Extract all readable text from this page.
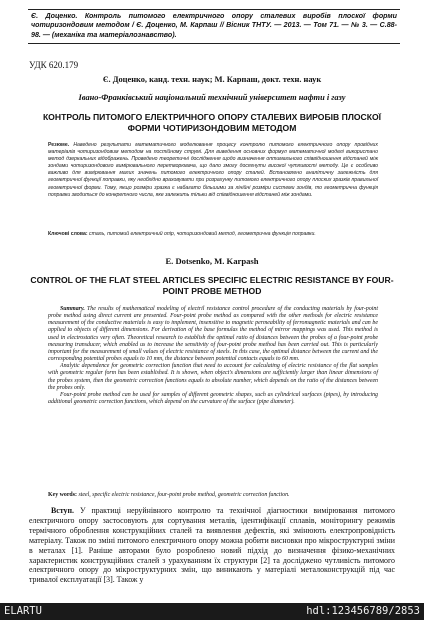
Є. Доценко. Контроль питомого електричного опору сталевих виробів плоскої форми чотиризондовим методом / Є. Доценко, М. Карпаш // Вісник ТНТУ. — 2013. — Том 71. — № 3. — С.88-98. — (механіка та матеріалознавство).
УДК 620.179
Є. Доценко, канд. техн. наук; М. Карпаш, докт. техн. наук
Івано-Франківський національний технічний університет нафти і газу
КОНТРОЛЬ ПИТОМОГО ЕЛЕКТРИЧНОГО ОПОРУ СТАЛЕВИХ ВИРОБІВ ПЛОСКОЇ ФОРМИ ЧОТИРИЗОНДОВИМ МЕТОДОМ
Резюме. Наведено результати математичного моделювання процесу контролю питомого електричного опору провідних матеріалів чотиризондовим методом на постійному струмі. Для виведення основних формул математичної моделі використано метод дзеркальних відображень. Проведено теоретичні дослідження щодо визначення оптимального співвідношення відстаней між зондами чотиризондового вимірювального перетворювача, що дало змогу досягнути високої чутливості методу. Це є особливо важливо для вимірювання малих значень питомого електричного опору сталей. Встановлено аналітичну залежність для геометричної функції поправки, яку необхідно враховувати при розрахунку питомого електричного опору плоских зразків правильної геометричної форми. Тому, якщо розміри зразка є набагато більшими за лінійні розміри системи зондів, то геометрична функція поправки зводиться до конкретного числа, яке залежить тільки від співвідношення відстаней між зондами.
Ключові слова: сталь, питомий електричний опір, чотиризондовий метод, геометрична функція поправки.
E. Dotsenko, M. Karpash
CONTROL OF THE FLAT STEEL ARTICLES SPECIFIC ELECTRIC RESISTANCE BY FOUR-POINT PROBE METHOD

Summary. The results of mathematical modeling of electril resistance control procedure of the conducting materials by four-point probe method using direct current are presented. Four-point probe method as compared with the other methods for electric resistance measurement of the conductive materials is easy to implement, insensitive to magnetic permeability of ferromagnetic materials and can be applied to objects of different dimensions. For derivation of the base formulas the method of mirror mappings was used. This method is used in electrostatics very often. Theoretical research to establish the optimal ratio of distances between the probes of a four-point probe measuring transducer, which enabled us to increase the sensitivity of four-point probe method has been carried out. This is particularly important for the measurement of small values of electric resistance of steels. In this case, the optimal distance between the current and the corresponding potential probes equals to 10 mm, the distance between potential contacts equals to 60 mm.

Analytic dependence for geometric correction function that need to account for calculating of electric resistance of the flat samples with geometric regular form has been established. It is shown, when object's dimensions are sufficiently larger than linear dimensions of the probes system, then the geometric correction functions equals to absolute number, which depends on the ratio of the distances between the probes only.

Four-point probe method can be used for samples of different geometric shapes, such as cylindrical surfaces (pipes), by introducing additional geometric correction functions, which depend on the curvature of the surface (pipe diameter).

Key words: steel, specific electric resistance, four-point probe method, geometric correction function.

Вступ. У практиці неруйнівного контролю та технічної діагностики вимірювання питомого електричного опору застосовують для сортування металів, ідентифікації сплавів, моніторингу режимів термічного оброблення конструкційних сталей та виявлення дефектів, які змінюють електропровідність матеріалу. Також по зміні питомого електричного опору можна робити висновки про мікроструктурні зміни в металах [1]. Раніше авторами було розроблено новий підхід до визначення фізико-механічних характеристик конструкційних сталей з урахуванням їх структури [2] та досліджено чутливість питомого електричного опору до мікроструктурних змін, що виникають у матеріалі металоконструкцій під час тривалої експлуатації [3]. Також у

ELARTU	hdl:123456789/2853
